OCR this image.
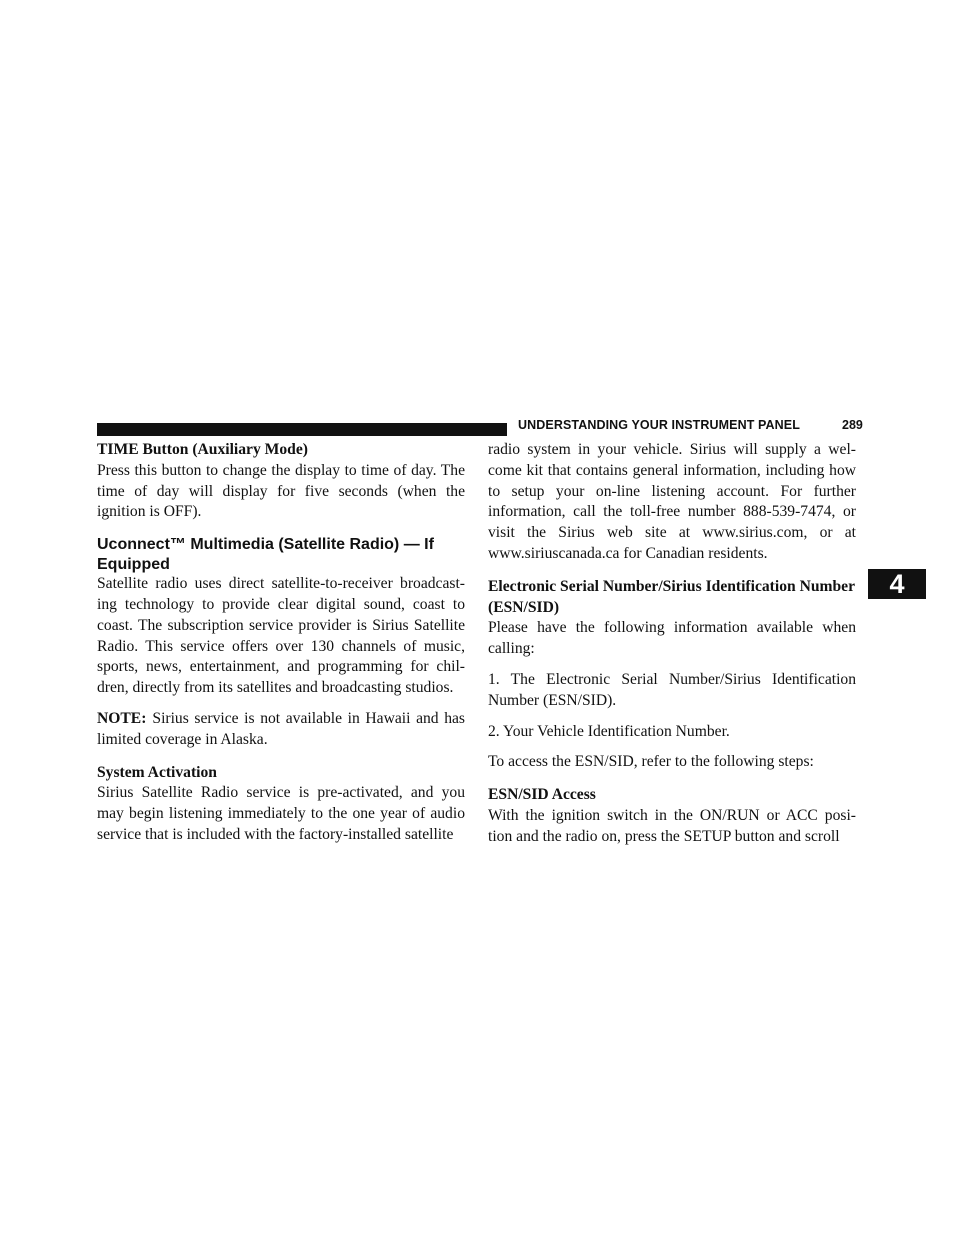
UNDERSTANDING YOUR INSTRUMENT PANEL	289
4
TIME Button (Auxiliary Mode)

Press this button to change the display to time of day. The time of day will display for five seconds (when the ignition is OFF).

Uconnect™ Multimedia (Satellite Radio) — If Equipped

Satellite radio uses direct satellite-to-receiver broadcast- ing technology to provide clear digital sound, coast to coast. The subscription service provider is Sirius Satellite Radio. This service offers over 130 channels of music, sports, news, entertainment, and programming for chil- dren, directly from its satellites and broadcasting studios.

NOTE: Sirius service is not available in Hawaii and has limited coverage in Alaska.

System Activation

Sirius Satellite Radio service is pre-activated, and you may begin listening immediately to the one year of audio service that is included with the factory-installed satellite

radio system in your vehicle. Sirius will supply a wel- come kit that contains general information, including how to setup your on-line listening account. For further information, call the toll-free number 888-539-7474, or visit the Sirius web site at www.sirius.com, or at www.siriuscanada.ca for Canadian residents.

Electronic Serial Number/Sirius Identification Number (ESN/SID)

Please have the following information available when calling:

1. The Electronic Serial Number/Sirius Identification Number (ESN/SID).

2. Your Vehicle Identification Number.

To access the ESN/SID, refer to the following steps:

ESN/SID Access

With the ignition switch in the ON/RUN or ACC posi- tion and the radio on, press the SETUP button and scroll
